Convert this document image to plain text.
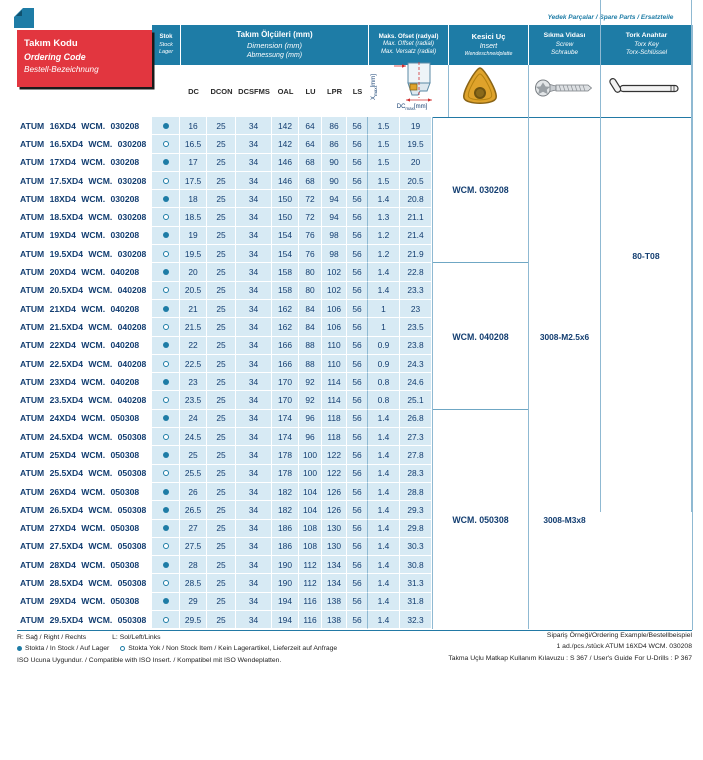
Yedek Parçalar / Spare Parts / Ersatzteile
Takım Kodu
Ordering Code
Bestell-Bezeichnung
Stok
Stock
Lager
Takım Ölçüleri (mm)
Dimension (mm)
Abmessung (mm)
Maks. Ofset (radyal)
Max. Offset (radial)
Max. Versatz (radial)
Kesici Uç
Insert
Wendeschneidplatte
Sıkma Vidası
Screw
Schraube
Tork Anahtar
Torx Key
Torx-Schlüssel
DC	DCON DCSFMS	OAL	LU	LPR	LS
$X_{max}[mm]$
$DC_{max}[mm]$
ATUM 16XD4 WCM. 030208	16	25	34	142	64	86	56	1.5	19
ATUM 16.5XD4 WCM. 030208	16.5	25	34	142	64	86	56	1.5	19.5
ATUM 17XD4 WCM. 030208	17	25	34	146	68	90	56	1.5	20
ATUM 17.5XD4 WCM. 030208	17.5	25	34	146	68	90	56	1.5	20.5
ATUM 18XD4 WCM. 030208	18	25	34	150	72	94	56	1.4	20.8
ATUM 18.5XD4 WCM. 030208	18.5	25	34	150	72	94	56	1.3	21.1
ATUM 19XD4 WCM. 030208	19	25	34	154	76	98	56	1.2	21.4
ATUM 19.5XD4 WCM. 030208	19.5	25	34	154	76	98	56	1.2	21.9
ATUM 20XD4 WCM. 040208	20	25	34	158	80	102	56	1.4	22.8
ATUM 20.5XD4 WCM. 040208	20.5	25	34	158	80	102	56	1.4	23.3
ATUM 21XD4 WCM. 040208	21	25	34	162	84	106	56	1	23
ATUM 21.5XD4 WCM. 040208	21.5	25	34	162	84	106	56	1	23.5
ATUM 22XD4 WCM. 040208	22	25	34	166	88	110	56	0.9	23.8
ATUM 22.5XD4 WCM. 040208	22.5	25	34	166	88	110	56	0.9	24.3
ATUM 23XD4 WCM. 040208	23	25	34	170	92	114	56	0.8	24.6
ATUM 23.5XD4 WCM. 040208	23.5	25	34	170	92	114	56	0.8	25.1
ATUM 24XD4 WCM. 050308	24	25	34	174	96	118	56	1.4	26.8
ATUM 24.5XD4 WCM. 050308	24.5	25	34	174	96	118	56	1.4	27.3
ATUM 25XD4 WCM. 050308	25	25	34	178	100	122	56	1.4	27.8
ATUM 25.5XD4 WCM. 050308	25.5	25	34	178	100	122	56	1.4	28.3
ATUM 26XD4 WCM. 050308	26	25	34	182	104	126	56	1.4	28.8
ATUM 26.5XD4 WCM. 050308	26.5	25	34	182	104	126	56	1.4	29.3
ATUM 27XD4 WCM. 050308	27	25	34	186	108	130	56	1.4	29.8
ATUM 27.5XD4 WCM. 050308	27.5	25	34	186	108	130	56	1.4	30.3
ATUM 28XD4 WCM. 050308	28	25	34	190	112	134	56	1.4	30.8
ATUM 28.5XD4 WCM. 050308	28.5	25	34	190	112	134	56	1.4	31.3
ATUM 29XD4 WCM. 050308	29	25	34	194	116	138	56	1.4	31.8
ATUM 29.5XD4 WCM. 050308	29.5	25	34	194	116	138	56	1.4	32.3
WCM. 030208
WCM. 040208
WCM. 050308
3008-M2.5x6
3008-M3x8
80-T08
R: Sağ / Right / Rechts	L: Sol/Left/Links
Stokta / In Stock / Auf Lager	Stokta Yok / Non Stock Item / Kein Lagerartikel, Lieferzeit auf Anfrage
ISO Ucuna Uygundur. / Compatible with ISO Insert. / Kompatibel mit ISO Wendeplatten.
Sipariş Örneği/Ordering Example/Bestellbeispiel
1 ad./pcs./stück ATUM 16XD4 WCM. 030208
Takma Uçlu Matkap Kullanım Kılavuzu : S 367 / User's Guide For U-Drills : P 367
